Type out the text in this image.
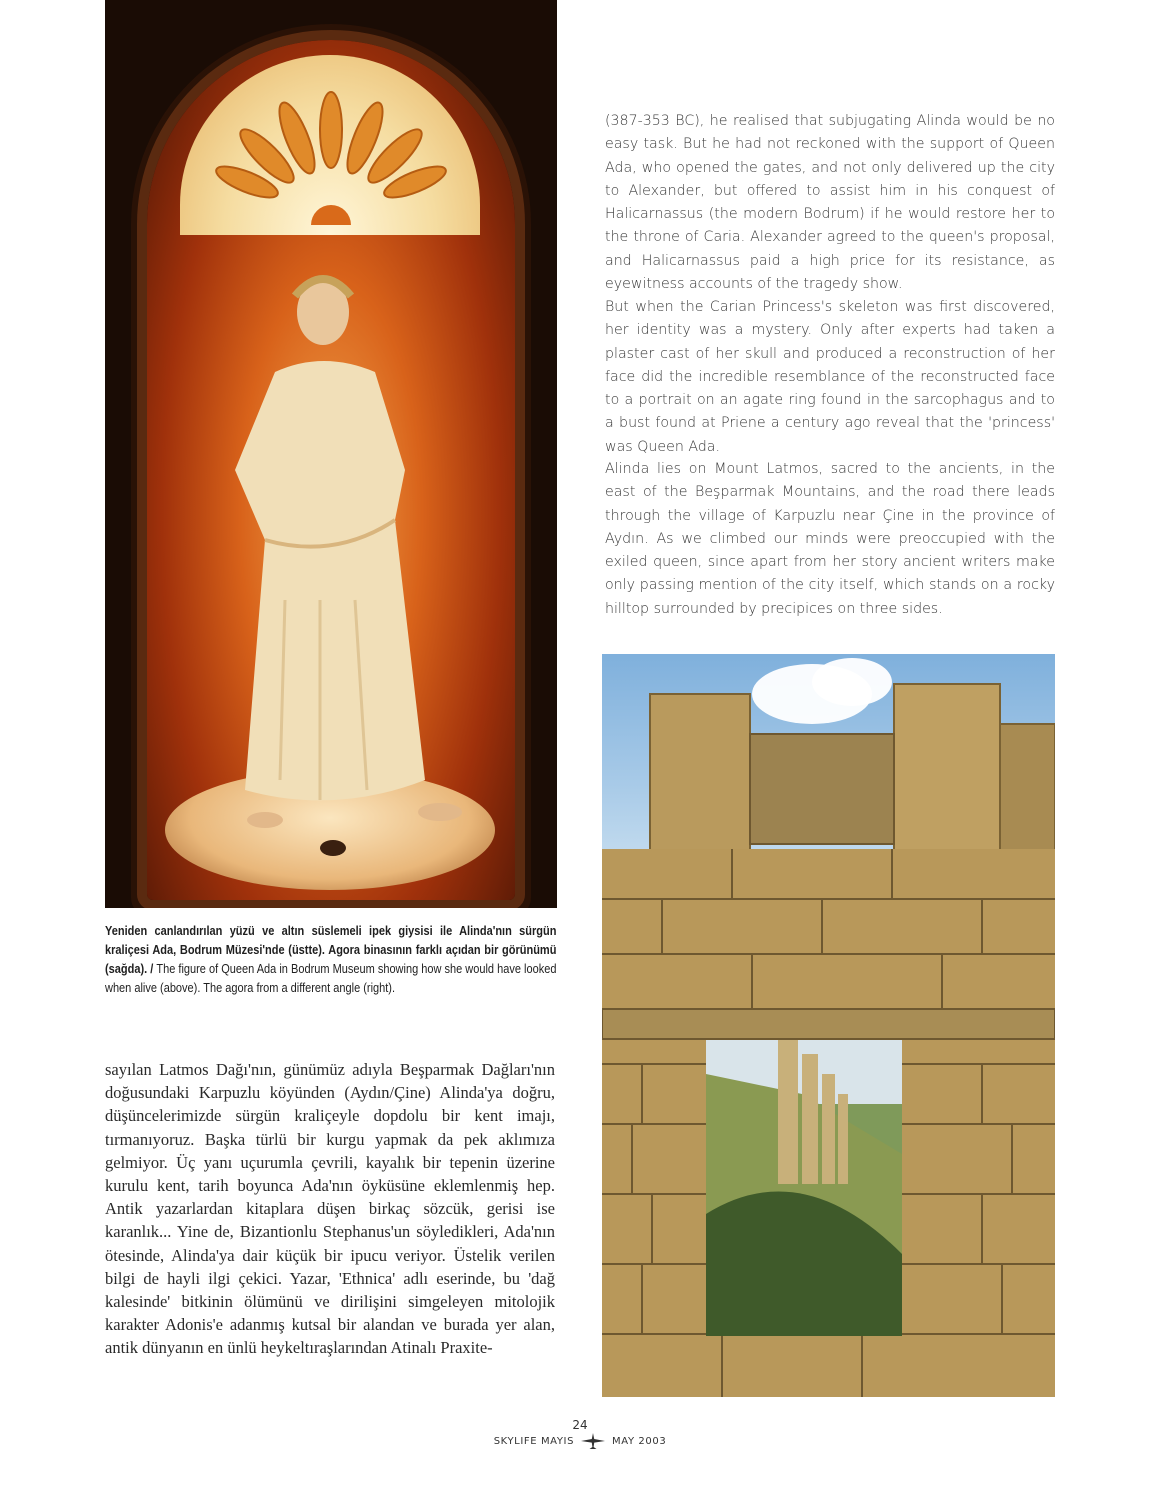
Yeniden canlandırılan yüzü ve altın süslemeli ipek giysisi ile Alinda'nın sürgün kraliçesi Ada, Bodrum Müzesi'nde (üstte). Agora binasının farklı açıdan bir görünümü (sağda). / The figure of Queen Ada in Bodrum Museum showing how she would have looked when alive (above). The agora from a different angle (right).

sayılan Latmos Dağı'nın, günümüz adıyla Beşparmak Dağları'nın doğusundaki Karpuzlu köyünden (Aydın/Çine) Alinda'ya doğru, düşüncelerimizde sürgün kraliçeyle dopdolu bir kent imajı, tırmanıyoruz. Başka türlü bir kurgu yapmak da pek aklımıza gelmiyor. Üç yanı uçurumla çevrili, kayalık bir tepenin üzerine kurulu kent, tarih boyunca Ada'nın öyküsüne eklemlenmiş hep. Antik yazarlardan kitaplara düşen birkaç sözcük, gerisi ise karanlık... Yine de, Bizantionlu Stephanus'un söyledikleri, Ada'nın ötesinde, Alinda'ya dair küçük bir ipucu veriyor. Üstelik verilen bilgi de hayli ilgi çekici. Yazar, 'Ethnica' adlı eserinde, bu 'dağ kalesinde' bitkinin ölümünü ve dirilişini simgeleyen mitolojik karakter Adonis'e adanmış kutsal bir alandan ve burada yer alan, antik dünyanın en ünlü heykeltıraşlarından Atinalı Praxite-

(387-353 BC), he realised that subjugating Alinda would be no easy task. But he had not reckoned with the support of Queen Ada, who opened the gates, and not only delivered up the city to Alexander, but offered to assist him in his conquest of Halicarnassus (the modern Bodrum) if he would restore her to the throne of Caria. Alexander agreed to the queen's proposal, and Halicarnassus paid a high price for its resistance, as eyewitness accounts of the tragedy show.

But when the Carian Princess's skeleton was first discovered, her identity was a mystery. Only after experts had taken a plaster cast of her skull and produced a reconstruction of her face did the incredible resemblance of the reconstructed face to a portrait on an agate ring found in the sarcophagus and to a bust found at Priene a century ago reveal that the 'princess' was Queen Ada.

Alinda lies on Mount Latmos, sacred to the ancients, in the east of the Beşparmak Mountains, and the road there leads through the village of Karpuzlu near Çine in the province of Aydın. As we climbed our minds were preoccupied with the exiled queen, since apart from her story ancient writers make only passing mention of the city itself, which stands on a rocky hilltop surrounded by precipices on three sides.

24
SKYLIFE MAYIS	MAY 2003
